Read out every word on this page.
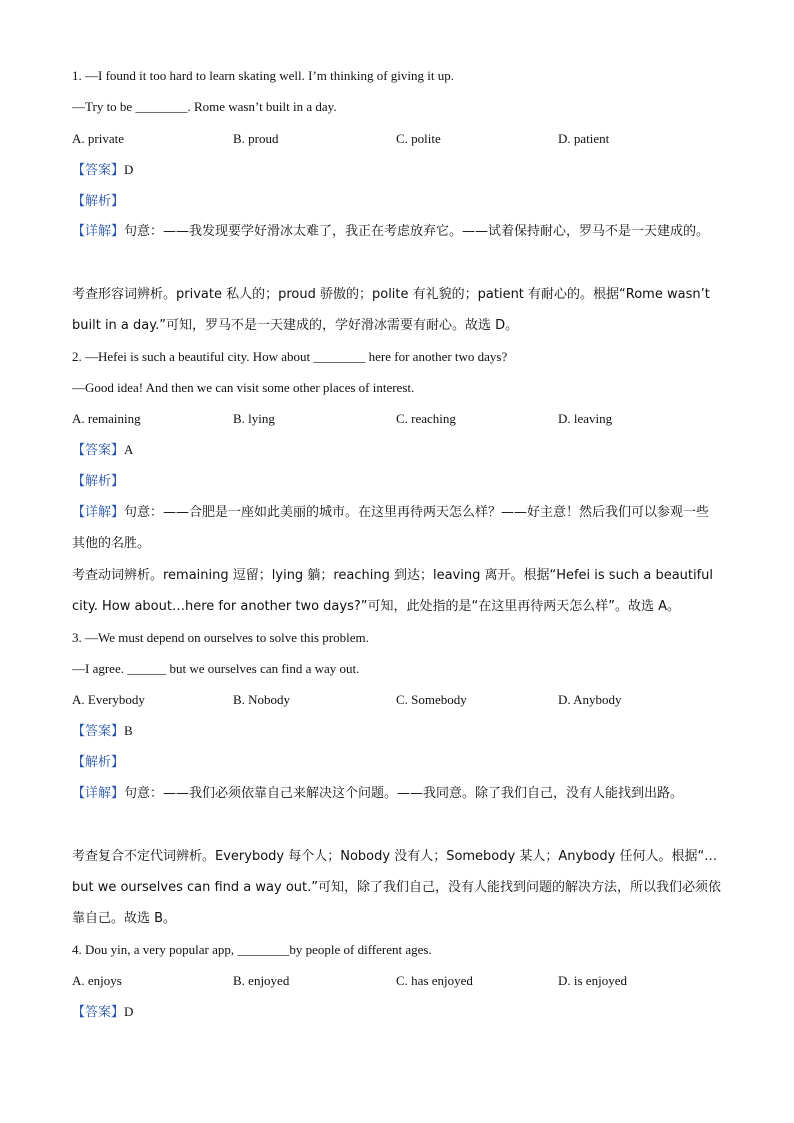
1. —I found it too hard to learn skating well. I’m thinking of giving it up.
—Try to be ________. Rome wasn’t built in a day.
A. private	B. proud	C. polite	D. patient
【答案】D
【解析】
【详解】句意：——我发现要学好滑冰太难了，我正在考虑放弃它。——试着保持耐心，罗马不是一天建成的。
考查形容词辨析。private 私人的；proud 骄傲的；polite 有礼貌的；patient 有耐心的。根据“Rome wasn’t built in a day.”可知，罗马不是一天建成的，学好滑冰需要有耐心。故选 D。
2. —Hefei is such a beautiful city. How about ________ here for another two days?
—Good idea! And then we can visit some other places of interest.
A. remaining	B. lying	C. reaching	D. leaving
【答案】A
【解析】
【详解】句意：——合肥是一座如此美丽的城市。在这里再待两天怎么样？——好主意！然后我们可以参观一些其他的名胜。
考查动词辨析。remaining 逗留；lying 躺；reaching 到达；leaving 离开。根据“Hefei is such a beautiful city. How about…here for another two days?”可知，此处指的是“在这里再待两天怎么样”。故选 A。
3. —We must depend on ourselves to solve this problem.
—I agree. ______ but we ourselves can find a way out.
A. Everybody	B. Nobody	C. Somebody	D. Anybody
【答案】B
【解析】
【详解】句意：——我们必须依靠自己来解决这个问题。——我同意。除了我们自己，没有人能找到出路。
考查复合不定代词辨析。Everybody 每个人；Nobody 没有人；Somebody 某人；Anybody 任何人。根据“…but we ourselves can find a way out.”可知，除了我们自己，没有人能找到问题的解决方法，所以我们必须依靠自己。故选 B。
4. Dou yin, a very popular app, ________by people of different ages.
A. enjoys	B. enjoyed	C. has enjoyed	D. is enjoyed
【答案】D
